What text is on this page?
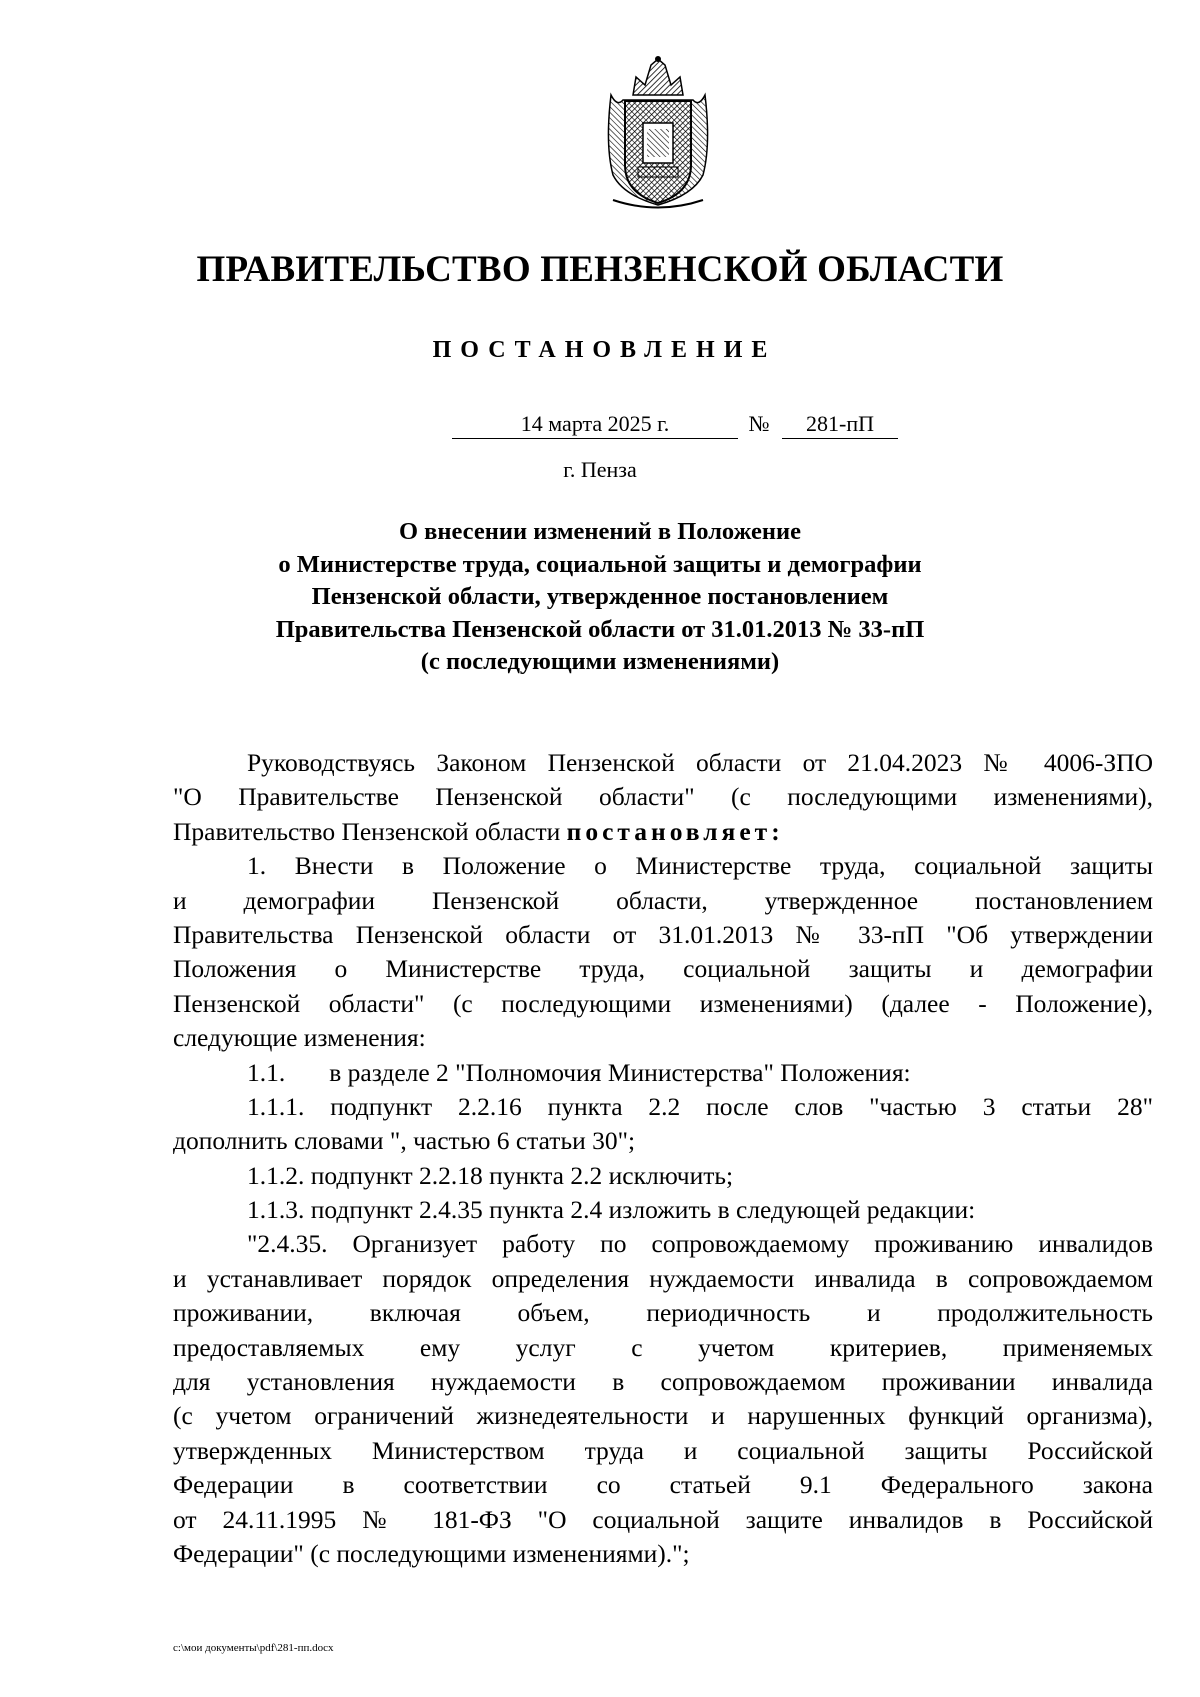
ПРАВИТЕЛЬСТВО ПЕНЗЕНСКОЙ ОБЛАСТИ
ПОСТАНОВЛЕНИЕ
14 марта 2025 г.	№	281-пП
г. Пенза
О внесении изменений в Положение
о Министерстве труда, социальной защиты и демографии
Пензенской области, утвержденное постановлением
Правительства Пензенской области от 31.01.2013 № 33-пП
(с последующими изменениями)
Руководствуясь Законом Пензенской области от 21.04.2023 № 4006-ЗПО
"О Правительстве Пензенской области" (с последующими изменениями),
Правительство Пензенской области постановляет:
1. Внести в Положение о Министерстве труда, социальной защиты
и демографии Пензенской области, утвержденное постановлением
Правительства Пензенской области от 31.01.2013 № 33-пП "Об утверждении
Положения о Министерстве труда, социальной защиты и демографии
Пензенской области" (с последующими изменениями) (далее - Положение),
следующие изменения:
1.1. в разделе 2 "Полномочия Министерства" Положения:
1.1.1. подпункт 2.2.16 пункта 2.2 после слов "частью 3 статьи 28"
дополнить словами ", частью 6 статьи 30";
1.1.2. подпункт 2.2.18 пункта 2.2 исключить;
1.1.3. подпункт 2.4.35 пункта 2.4 изложить в следующей редакции:
"2.4.35. Организует работу по сопровождаемому проживанию инвалидов
и устанавливает порядок определения нуждаемости инвалида в сопровождаемом
проживании, включая объем, периодичность и продолжительность
предоставляемых ему услуг с учетом критериев, применяемых
для установления нуждаемости в сопровождаемом проживании инвалида
(с учетом ограничений жизнедеятельности и нарушенных функций организма),
утвержденных Министерством труда и социальной защиты Российской
Федерации в соответствии со статьей 9.1 Федерального закона
от 24.11.1995 № 181-ФЗ "О социальной защите инвалидов в Российской
Федерации" (с последующими изменениями).";
c:\мои документы\pdf\281-пп.docx
